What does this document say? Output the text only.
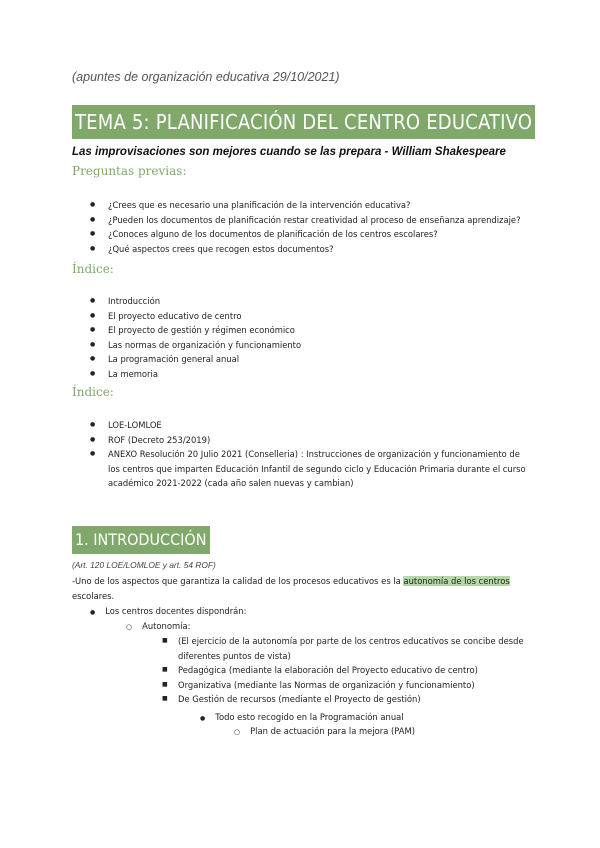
(apuntes de organización educativa 29/10/2021)
TEMA 5: PLANIFICACIÓN DEL CENTRO EDUCATIVO
Las improvisaciones son mejores cuando se las prepara - William Shakespeare
Preguntas previas:
● ¿Crees que es necesario una planificación de la intervención educativa?
● ¿Pueden los documentos de planificación restar creatividad al proceso de enseñanza aprendizaje?
● ¿Conoces alguno de los documentos de planificación de los centros escolares?
● ¿Qué aspectos crees que recogen estos documentos?
Índice:
● Introducción
● El proyecto educativo de centro
● El proyecto de gestión y régimen económico
● Las normas de organización y funcionamiento
● La programación general anual
● La memoria
Índice:
● LOE-LOMLOE
● ROF (Decreto 253/2019)
● ANEXO Resolución 20 Julio 2021 (Conselleria) : Instrucciones de organización y funcionamiento de los centros que imparten Educación Infantil de segundo ciclo y Educación Primaria durante el curso académico 2021-2022 (cada año salen nuevas y cambian)
1. INTRODUCCIÓN
(Art. 120 LOE/LOMLOE y art. 54 ROF)
-Uno de los aspectos que garantiza la calidad de los procesos educativos es la autonomía de los centros escolares.
● Los centros docentes dispondrán:
○ Autonomía:
■ (El ejercicio de la autonomía por parte de los centros educativos se concibe desde diferentes puntos de vista)
■ Pedagógica (mediante la elaboración del Proyecto educativo de centro)
■ Organizativa (mediante las Normas de organización y funcionamiento)
■ De Gestión de recursos (mediante el Proyecto de gestión)
● Todo esto recogido en la Programación anual
○ Plan de actuación para la mejora (PAM)
